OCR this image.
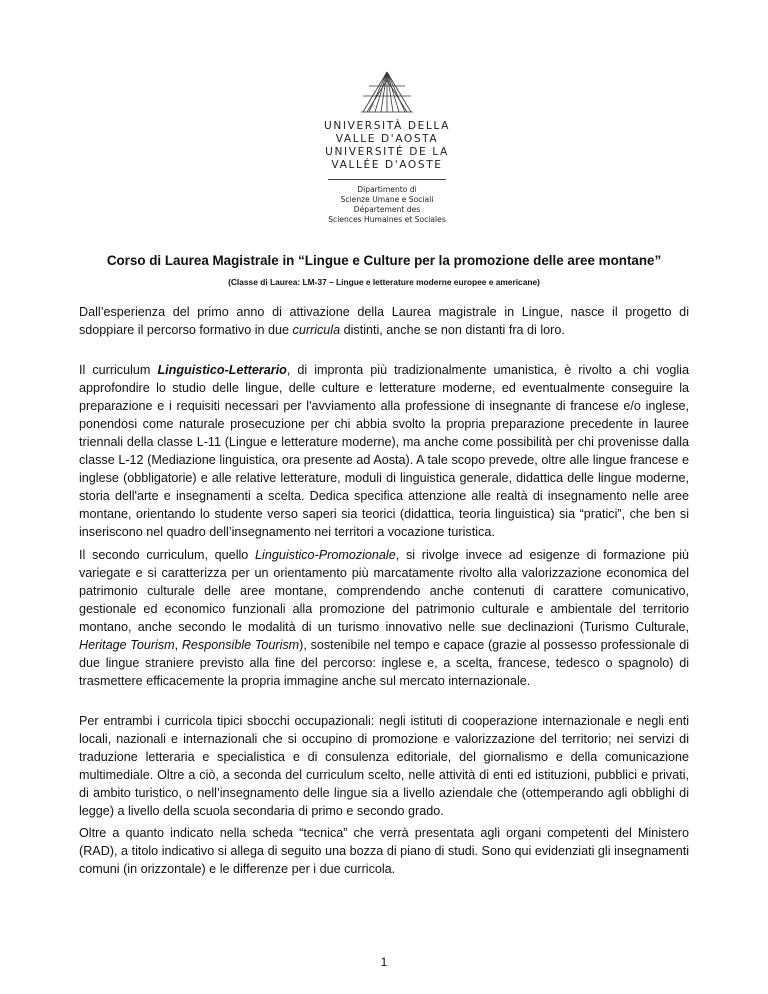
UNIVERSITÀ DELLA
VALLE D'AOSTA
UNIVERSITÉ DE LA
VALLÉE D'AOSTE
Dipartimento di
Scienze Umane e Sociali
Département des
Sciences Humaines et Sociales
Corso di Laurea Magistrale in “Lingue e Culture per la promozione delle aree montane”
(Classe di Laurea: LM-37 – Lingue e letterature moderne europee e americane)

Dall’esperienza del primo anno di attivazione della Laurea magistrale in Lingue, nasce il progetto di sdoppiare il percorso formativo in due curricula distinti, anche se non distanti fra di loro.

Il curriculum Linguistico-Letterario, di impronta più tradizionalmente umanistica, è rivolto a chi voglia approfondire lo studio delle lingue, delle culture e letterature moderne, ed eventualmente conseguire la preparazione e i requisiti necessari per l'avviamento alla professione di insegnante di francese e/o inglese, ponendosi come naturale prosecuzione per chi abbia svolto la propria preparazione precedente in lauree triennali della classe L-11 (Lingue e letterature moderne), ma anche come possibilità per chi provenisse dalla classe L-12 (Mediazione linguistica, ora presente ad Aosta). A tale scopo prevede, oltre alle lingue francese e inglese (obbligatorie) e alle relative letterature, moduli di linguistica generale, didattica delle lingue moderne, storia dell'arte e insegnamenti a scelta. Dedica specifica attenzione alle realtà di insegnamento nelle aree montane, orientando lo studente verso saperi sia teorici (didattica, teoria linguistica) sia “pratici”, che ben si inseriscono nel quadro dell’insegnamento nei territori a vocazione turistica.

Il secondo curriculum, quello Linguistico-Promozionale, si rivolge invece ad esigenze di formazione più variegate e si caratterizza per un orientamento più marcatamente rivolto alla valorizzazione economica del patrimonio culturale delle aree montane, comprendendo anche contenuti di carattere comunicativo, gestionale ed economico funzionali alla promozione del patrimonio culturale e ambientale del territorio montano, anche secondo le modalità di un turismo innovativo nelle sue declinazioni (Turismo Culturale, Heritage Tourism, Responsible Tourism), sostenibile nel tempo e capace (grazie al possesso professionale di due lingue straniere previsto alla fine del percorso: inglese e, a scelta, francese, tedesco o spagnolo) di trasmettere efficacemente la propria immagine anche sul mercato internazionale.

Per entrambi i curricola tipici sbocchi occupazionali: negli istituti di cooperazione internazionale e negli enti locali, nazionali e internazionali che si occupino di promozione e valorizzazione del territorio; nei servizi di traduzione letteraria e specialistica e di consulenza editoriale, del giornalismo e della comunicazione multimediale. Oltre a ciò, a seconda del curriculum scelto, nelle attività di enti ed istituzioni, pubblici e privati, di ambito turistico, o nell’insegnamento delle lingue sia a livello aziendale che (ottemperando agli obblighi di legge) a livello della scuola secondaria di primo e secondo grado.

Oltre a quanto indicato nella scheda “tecnica” che verrà presentata agli organi competenti del Ministero (RAD), a titolo indicativo si allega di seguito una bozza di piano di studi. Sono qui evidenziati gli insegnamenti comuni (in orizzontale) e le differenze per i due curricola.

1
